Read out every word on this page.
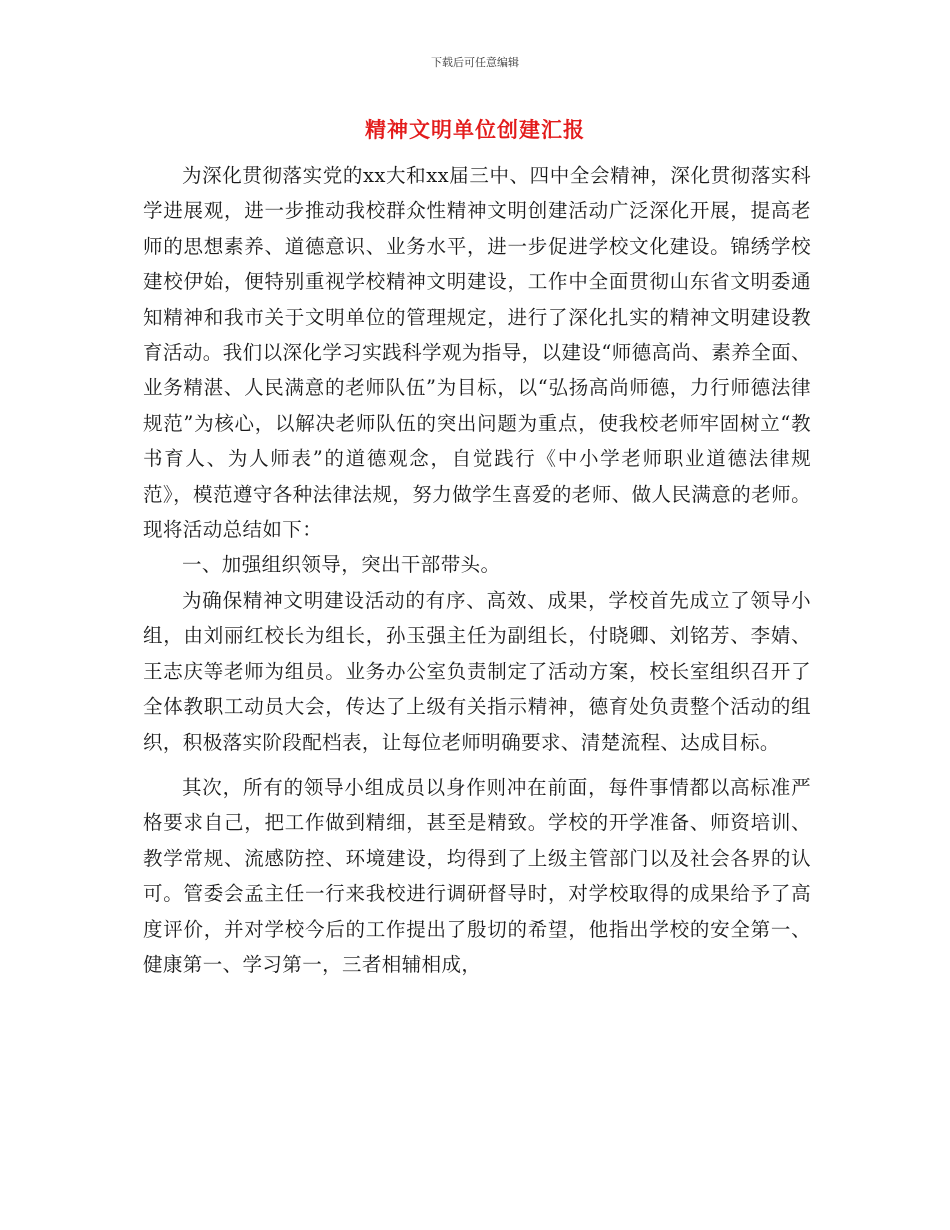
下载后可任意编辑
精神文明单位创建汇报

为深化贯彻落实党的xx大和xx届三中、四中全会精神，深化贯彻落实科学进展观，进一步推动我校群众性精神文明创建活动广泛深化开展，提高老师的思想素养、道德意识、业务水平，进一步促进学校文化建设。锦绣学校建校伊始，便特别重视学校精神文明建设，工作中全面贯彻山东省文明委通知精神和我市关于文明单位的管理规定，进行了深化扎实的精神文明建设教育活动。我们以深化学习实践科学观为指导，以建设“师德高尚、素养全面、业务精湛、人民满意的老师队伍”为目标，以“弘扬高尚师德，力行师德法律规范”为核心，以解决老师队伍的突出问题为重点，使我校老师牢固树立“教书育人、为人师表”的道德观念，自觉践行《中小学老师职业道德法律规范》，模范遵守各种法律法规，努力做学生喜爱的老师、做人民满意的老师。现将活动总结如下：

一、加强组织领导，突出干部带头。

为确保精神文明建设活动的有序、高效、成果，学校首先成立了领导小组，由刘丽红校长为组长，孙玉强主任为副组长，付晓卿、刘铭芳、李婧、王志庆等老师为组员。业务办公室负责制定了活动方案，校长室组织召开了全体教职工动员大会，传达了上级有关指示精神，德育处负责整个活动的组织，积极落实阶段配档表，让每位老师明确要求、清楚流程、达成目标。

其次，所有的领导小组成员以身作则冲在前面，每件事情都以高标准严格要求自己，把工作做到精细，甚至是精致。学校的开学准备、师资培训、教学常规、流感防控、环境建设，均得到了上级主管部门以及社会各界的认可。管委会孟主任一行来我校进行调研督导时，对学校取得的成果给予了高度评价，并对学校今后的工作提出了殷切的希望，他指出学校的安全第一、健康第一、学习第一，三者相辅相成，
